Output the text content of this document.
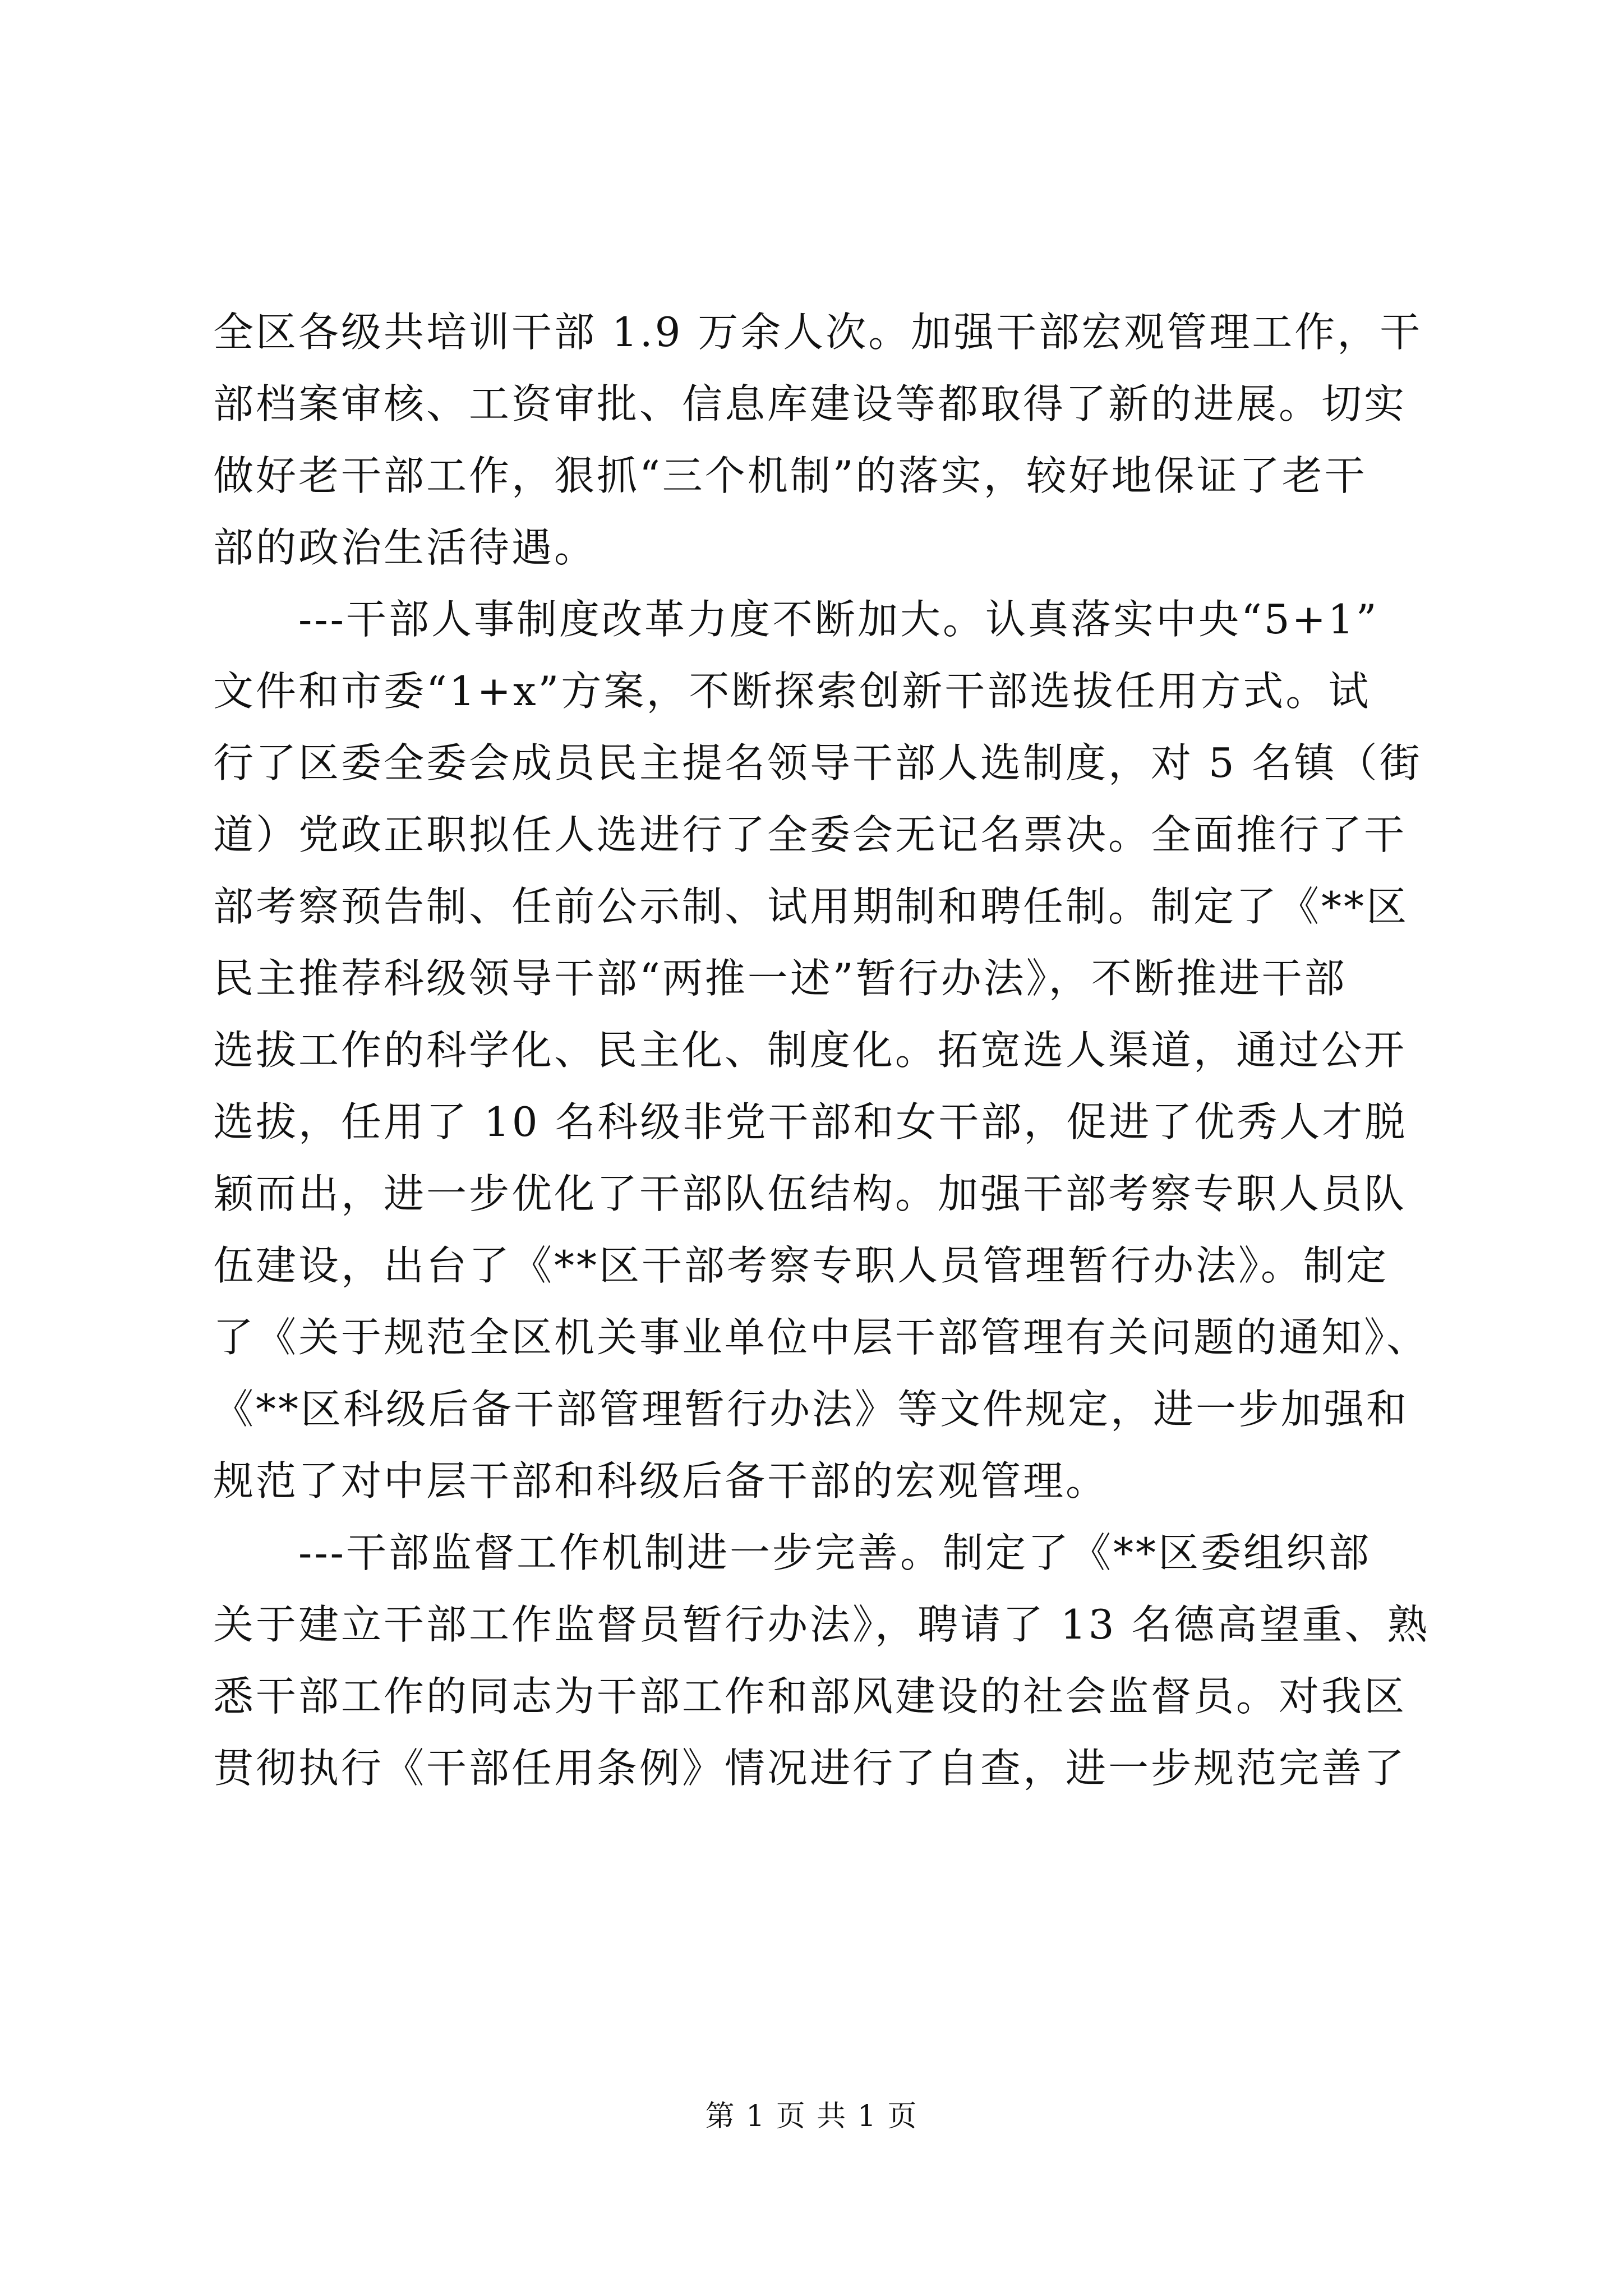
全区各级共培训干部 1.9 万余人次。加强干部宏观管理工作，干
部档案审核、工资审批、信息库建设等都取得了新的进展。切实
做好老干部工作，狠抓“三个机制”的落实，较好地保证了老干
部的政治生活待遇。
　　---干部人事制度改革力度不断加大。认真落实中央“5+1”
文件和市委“1+x”方案，不断探索创新干部选拔任用方式。试
行了区委全委会成员民主提名领导干部人选制度，对 5 名镇（街
道）党政正职拟任人选进行了全委会无记名票决。全面推行了干
部考察预告制、任前公示制、试用期制和聘任制。制定了《**区
民主推荐科级领导干部“两推一述”暂行办法》，不断推进干部
选拔工作的科学化、民主化、制度化。拓宽选人渠道，通过公开
选拔，任用了 10 名科级非党干部和女干部，促进了优秀人才脱
颖而出，进一步优化了干部队伍结构。加强干部考察专职人员队
伍建设，出台了《**区干部考察专职人员管理暂行办法》。制定
了《关于规范全区机关事业单位中层干部管理有关问题的通知》、
《**区科级后备干部管理暂行办法》等文件规定，进一步加强和
规范了对中层干部和科级后备干部的宏观管理。
　　---干部监督工作机制进一步完善。制定了《**区委组织部
关于建立干部工作监督员暂行办法》，聘请了 13 名德高望重、熟
悉干部工作的同志为干部工作和部风建设的社会监督员。对我区
贯彻执行《干部任用条例》情况进行了自查，进一步规范完善了
第 1 页 共 1 页
